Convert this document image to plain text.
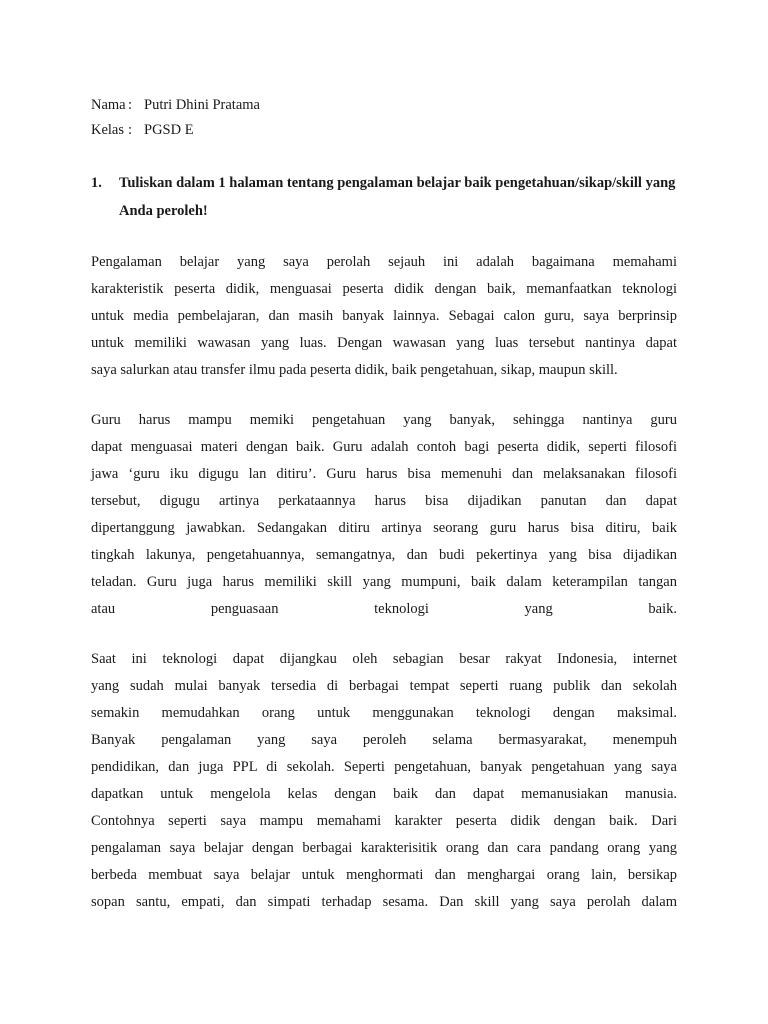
Nama : Putri Dhini Pratama
Kelas : PGSD E
1.	Tuliskan dalam 1 halaman tentang pengalaman belajar baik pengetahuan/sikap/skill yang Anda peroleh!
Pengalaman belajar yang saya perolah sejauh ini adalah bagaimana memahami
karakteristik peserta didik, menguasai peserta didik dengan baik, memanfaatkan teknologi
untuk media pembelajaran, dan masih banyak lainnya. Sebagai calon guru, saya berprinsip
untuk memiliki wawasan yang luas. Dengan wawasan yang luas tersebut nantinya dapat
saya salurkan atau transfer ilmu pada peserta didik, baik pengetahuan, sikap, maupun skill.
Guru harus mampu memiki pengetahuan yang banyak, sehingga nantinya guru
dapat menguasai materi dengan baik. Guru adalah contoh bagi peserta didik, seperti filosofi
jawa ‘guru iku digugu lan ditiru’. Guru harus bisa memenuhi dan melaksanakan filosofi
tersebut, digugu artinya perkataannya harus bisa dijadikan panutan dan dapat
dipertanggung jawabkan. Sedangakan ditiru artinya seorang guru harus bisa ditiru, baik
tingkah lakunya, pengetahuannya, semangatnya, dan budi pekertinya yang bisa dijadikan
teladan. Guru juga harus memiliki skill yang mumpuni, baik dalam keterampilan tangan
atau penguasaan teknologi yang baik.
Saat ini teknologi dapat dijangkau oleh sebagian besar rakyat Indonesia, internet
yang sudah mulai banyak tersedia di berbagai tempat seperti ruang publik dan sekolah
semakin memudahkan orang untuk menggunakan teknologi dengan maksimal.
Banyak pengalaman yang saya peroleh selama bermasyarakat, menempuh
pendidikan, dan juga PPL di sekolah. Seperti pengetahuan, banyak pengetahuan yang saya
dapatkan untuk mengelola kelas dengan baik dan dapat memanusiakan manusia.
Contohnya seperti saya mampu memahami karakter peserta didik dengan baik. Dari
pengalaman saya belajar dengan berbagai karakterisitik orang dan cara pandang orang yang
berbeda membuat saya belajar untuk menghormati dan menghargai orang lain, bersikap
sopan santu, empati, dan simpati terhadap sesama. Dan skill yang saya perolah dalam
